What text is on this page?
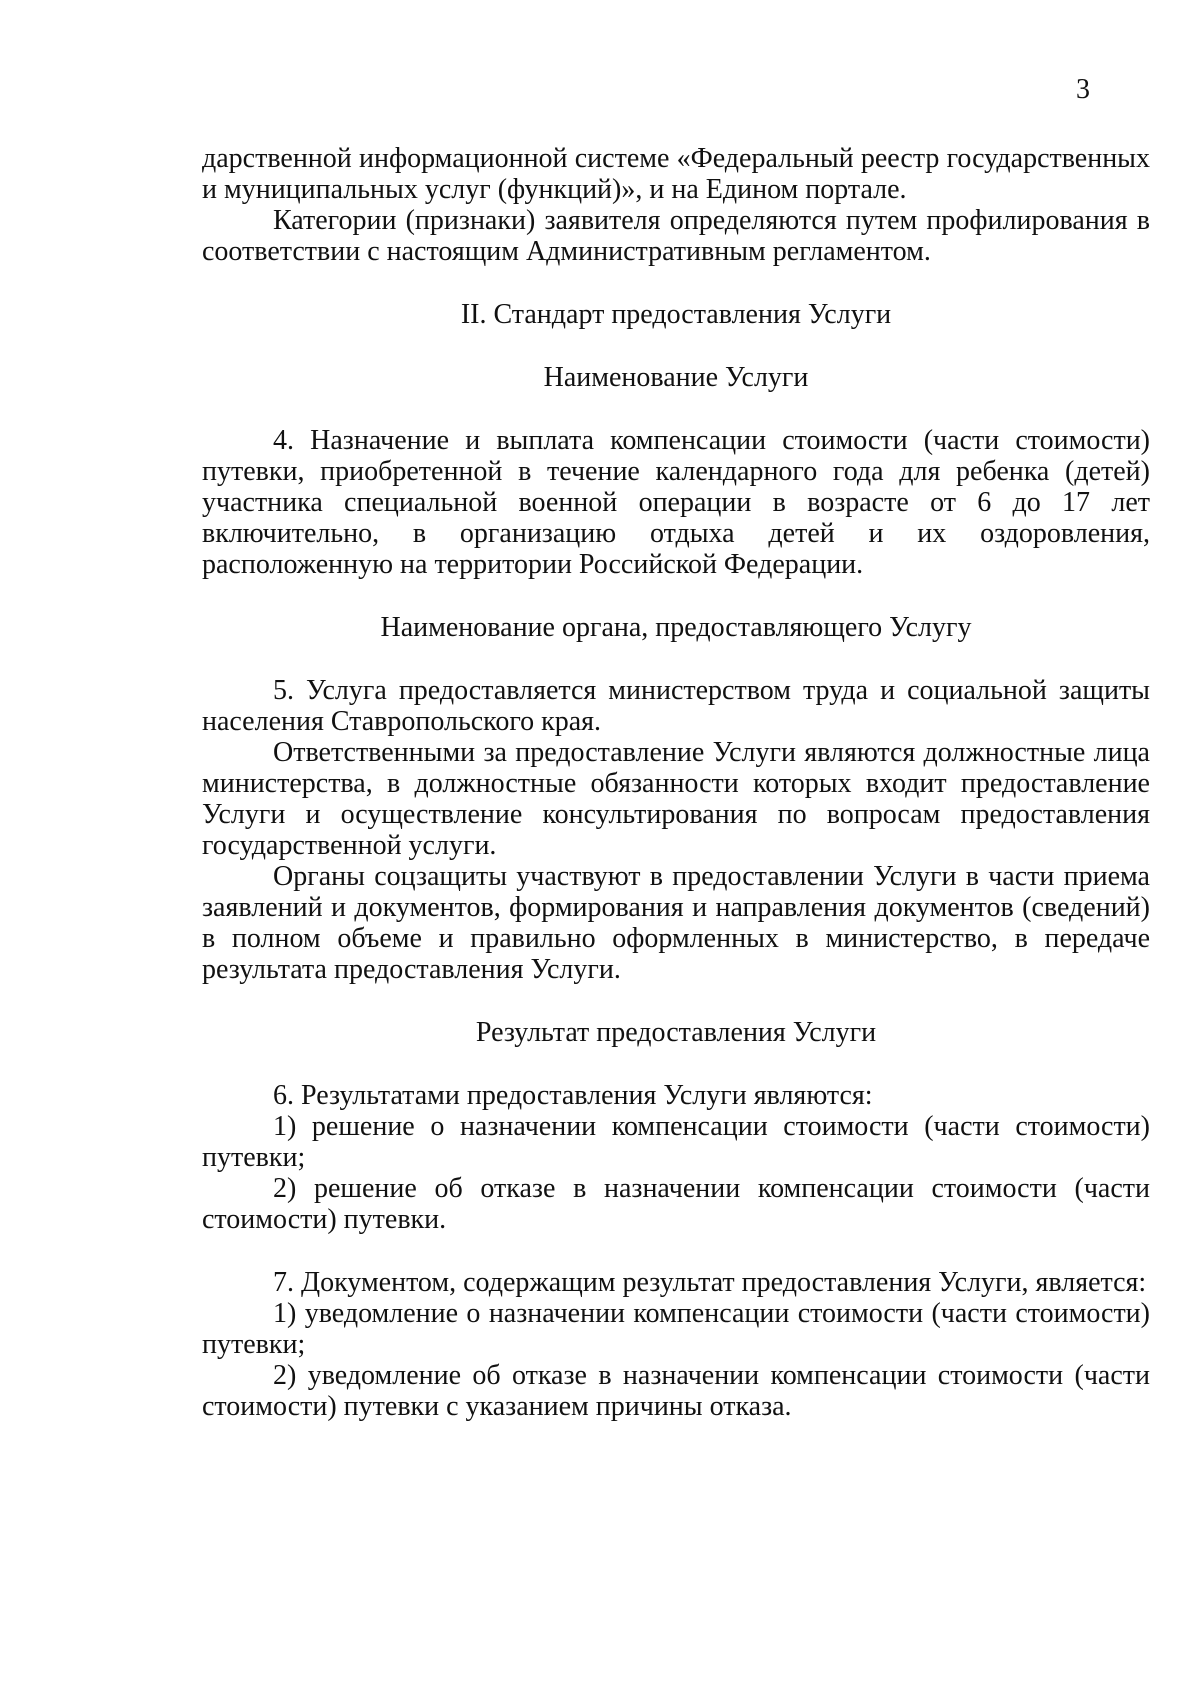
3

дарственной информационной системе «Федеральный реестр государственных и муниципальных услуг (функций)», и на Едином портале.

Категории (признаки) заявителя определяются путем профилирования в соответствии с настоящим Административным регламентом.

II. Стандарт предоставления Услуги

Наименование Услуги

4. Назначение и выплата компенсации стоимости (части стоимости) путевки, приобретенной в течение календарного года для ребенка (детей) участника специальной военной операции в возрасте от 6 до 17 лет включительно, в организацию отдыха детей и их оздоровления, расположенную на территории Российской Федерации.

Наименование органа, предоставляющего Услугу

5. Услуга предоставляется министерством труда и социальной защиты населения Ставропольского края.

Ответственными за предоставление Услуги являются должностные лица министерства, в должностные обязанности которых входит предоставление Услуги и осуществление консультирования по вопросам предоставления государственной услуги.

Органы соцзащиты участвуют в предоставлении Услуги в части приема заявлений и документов, формирования и направления документов (сведений) в полном объеме и правильно оформленных в министерство, в передаче результата предоставления Услуги.

Результат предоставления Услуги

6. Результатами предоставления Услуги являются:

1) решение о назначении компенсации стоимости (части стоимости) путевки;

2) решение об отказе в назначении компенсации стоимости (части стоимости) путевки.

7. Документом, содержащим результат предоставления Услуги, является:

1) уведомление о назначении компенсации стоимости (части стоимости) путевки;

2) уведомление об отказе в назначении компенсации стоимости (части стоимости) путевки с указанием причины отказа.
